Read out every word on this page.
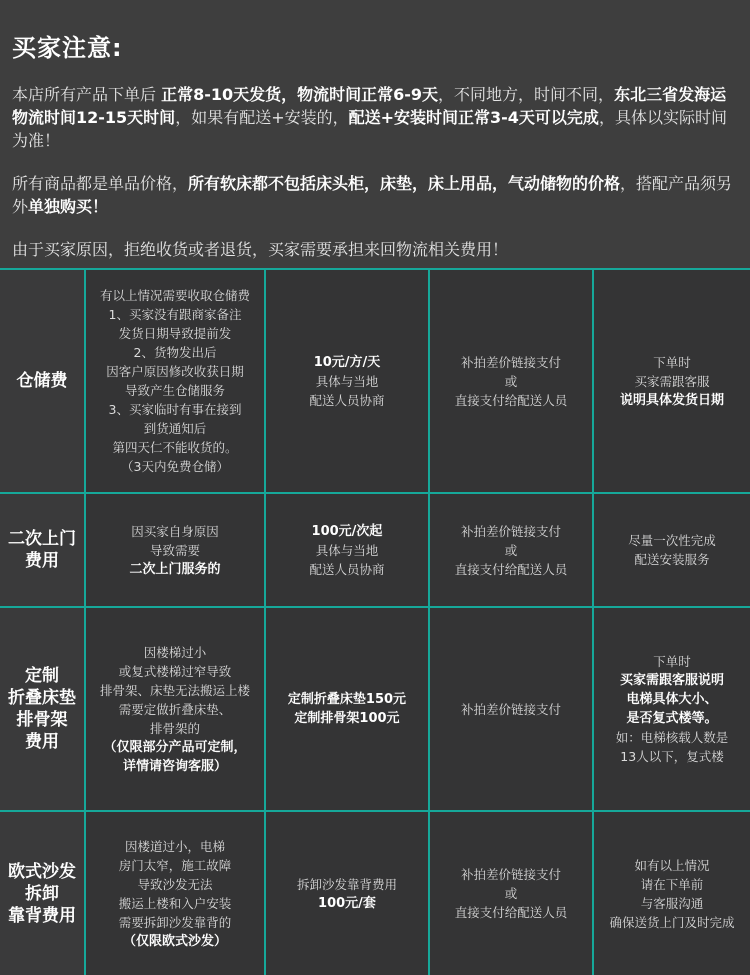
买家注意:
本店所有产品下单后 正常8-10天发货，物流时间正常6-9天，不同地方，时间不同，东北三省发海运物流时间12-15天时间，如果有配送+安装的，配送+安装时间正常3-4天可以完成，具体以实际时间为准！
所有商品都是单品价格，所有软床都不包括床头柜，床垫，床上用品，气动储物的价格，搭配产品须另外单独购买！
由于买家原因，拒绝收货或者退货，买家需要承担来回物流相关费用！
仓储费
有以上情况需要收取仓储费
1、买家没有跟商家备注
发货日期导致提前发
2、货物发出后
因客户原因修改收获日期
导致产生仓储服务
3、买家临时有事在接到
到货通知后
第四天仁不能收货的。
（3天内免费仓储）
10元/方/天
具体与当地
配送人员协商
补拍差价链接支付
或
直接支付给配送人员
下单时
买家需跟客服
说明具体发货日期
二次上门
费用
因买家自身原因
导致需要
二次上门服务的
100元/次起
具体与当地
配送人员协商
补拍差价链接支付
或
直接支付给配送人员
尽量一次性完成
配送安装服务
定制
折叠床垫
排骨架
费用
因楼梯过小
或复式楼梯过窄导致
排骨架、床垫无法搬运上楼
需要定做折叠床垫、
排骨架的
（仅限部分产品可定制，
详情请咨询客服）
定制折叠床垫150元
定制排骨架100元
补拍差价链接支付
下单时
买家需跟客服说明
电梯具体大小、
是否复式楼等。
如：电梯核载人数是
13人以下，复式楼
欧式沙发
拆卸
靠背费用
因楼道过小，电梯
房门太窄，施工故障
导致沙发无法
搬运上楼和入户安装
需要拆卸沙发靠背的
（仅限欧式沙发）
拆卸沙发靠背费用
100元/套
补拍差价链接支付
或
直接支付给配送人员
如有以上情况
请在下单前
与客服沟通
确保送货上门及时完成
